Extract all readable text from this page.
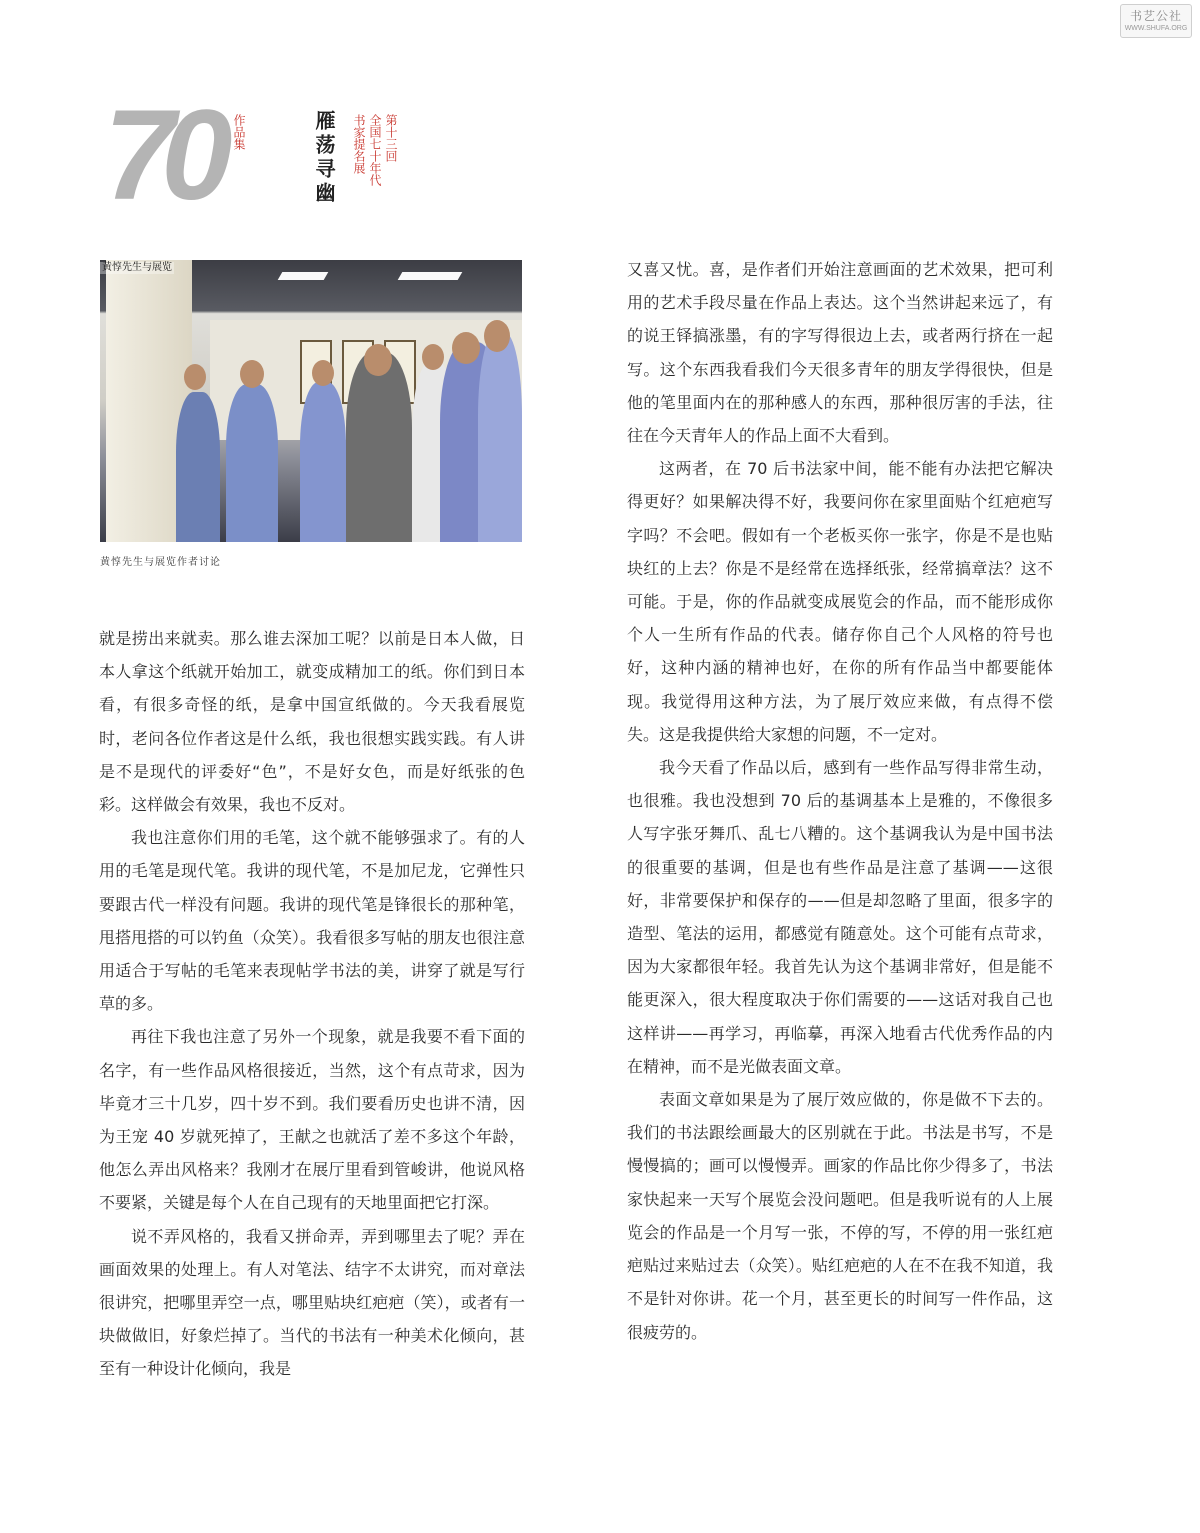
书艺公社
WWW.SHUFA.ORG
70	第十三回
全国七十年代
书家提名展
作品集	雁荡寻幽
黄惇先生与展览
黄惇先生与展览作者讨论

就是捞出来就卖。那么谁去深加工呢？以前是日本人做，日本人拿这个纸就开始加工，就变成精加工的纸。你们到日本看，有很多奇怪的纸，是拿中国宣纸做的。今天我看展览时，老问各位作者这是什么纸，我也很想实践实践。有人讲是不是现代的评委好“色”，不是好女色，而是好纸张的色彩。这样做会有效果，我也不反对。

我也注意你们用的毛笔，这个就不能够强求了。有的人用的毛笔是现代笔。我讲的现代笔，不是加尼龙，它弹性只要跟古代一样没有问题。我讲的现代笔是锋很长的那种笔，甩搭甩搭的可以钓鱼（众笑）。我看很多写帖的朋友也很注意用适合于写帖的毛笔来表现帖学书法的美，讲穿了就是写行草的多。

再往下我也注意了另外一个现象，就是我要不看下面的名字，有一些作品风格很接近，当然，这个有点苛求，因为毕竟才三十几岁，四十岁不到。我们要看历史也讲不清，因为王宠 40 岁就死掉了，王献之也就活了差不多这个年龄，他怎么弄出风格来？我刚才在展厅里看到管峻讲，他说风格不要紧，关键是每个人在自己现有的天地里面把它打深。

说不弄风格的，我看又拼命弄，弄到哪里去了呢？弄在画面效果的处理上。有人对笔法、结字不太讲究，而对章法很讲究，把哪里弄空一点，哪里贴块红疤疤（笑），或者有一块做做旧，好象烂掉了。当代的书法有一种美术化倾向，甚至有一种设计化倾向，我是

又喜又忧。喜，是作者们开始注意画面的艺术效果，把可利用的艺术手段尽量在作品上表达。这个当然讲起来远了，有的说王铎搞涨墨，有的字写得很边上去，或者两行挤在一起写。这个东西我看我们今天很多青年的朋友学得很快，但是他的笔里面内在的那种感人的东西，那种很厉害的手法，往往在今天青年人的作品上面不大看到。

这两者，在 70 后书法家中间，能不能有办法把它解决得更好？如果解决得不好，我要问你在家里面贴个红疤疤写字吗？不会吧。假如有一个老板买你一张字，你是不是也贴块红的上去？你是不是经常在选择纸张，经常搞章法？这不可能。于是，你的作品就变成展览会的作品，而不能形成你个人一生所有作品的代表。储存你自己个人风格的符号也好，这种内涵的精神也好，在你的所有作品当中都要能体现。我觉得用这种方法，为了展厅效应来做，有点得不偿失。这是我提供给大家想的问题，不一定对。

我今天看了作品以后，感到有一些作品写得非常生动，也很雅。我也没想到 70 后的基调基本上是雅的，不像很多人写字张牙舞爪、乱七八糟的。这个基调我认为是中国书法的很重要的基调，但是也有些作品是注意了基调——这很好，非常要保护和保存的——但是却忽略了里面，很多字的造型、笔法的运用，都感觉有随意处。这个可能有点苛求，因为大家都很年轻。我首先认为这个基调非常好，但是能不能更深入，很大程度取决于你们需要的——这话对我自己也这样讲——再学习，再临摹，再深入地看古代优秀作品的内在精神，而不是光做表面文章。

表面文章如果是为了展厅效应做的，你是做不下去的。我们的书法跟绘画最大的区别就在于此。书法是书写，不是慢慢搞的；画可以慢慢弄。画家的作品比你少得多了，书法家快起来一天写个展览会没问题吧。但是我听说有的人上展览会的作品是一个月写一张，不停的写，不停的用一张红疤疤贴过来贴过去（众笑）。贴红疤疤的人在不在我不知道，我不是针对你讲。花一个月，甚至更长的时间写一件作品，这很疲劳的。
